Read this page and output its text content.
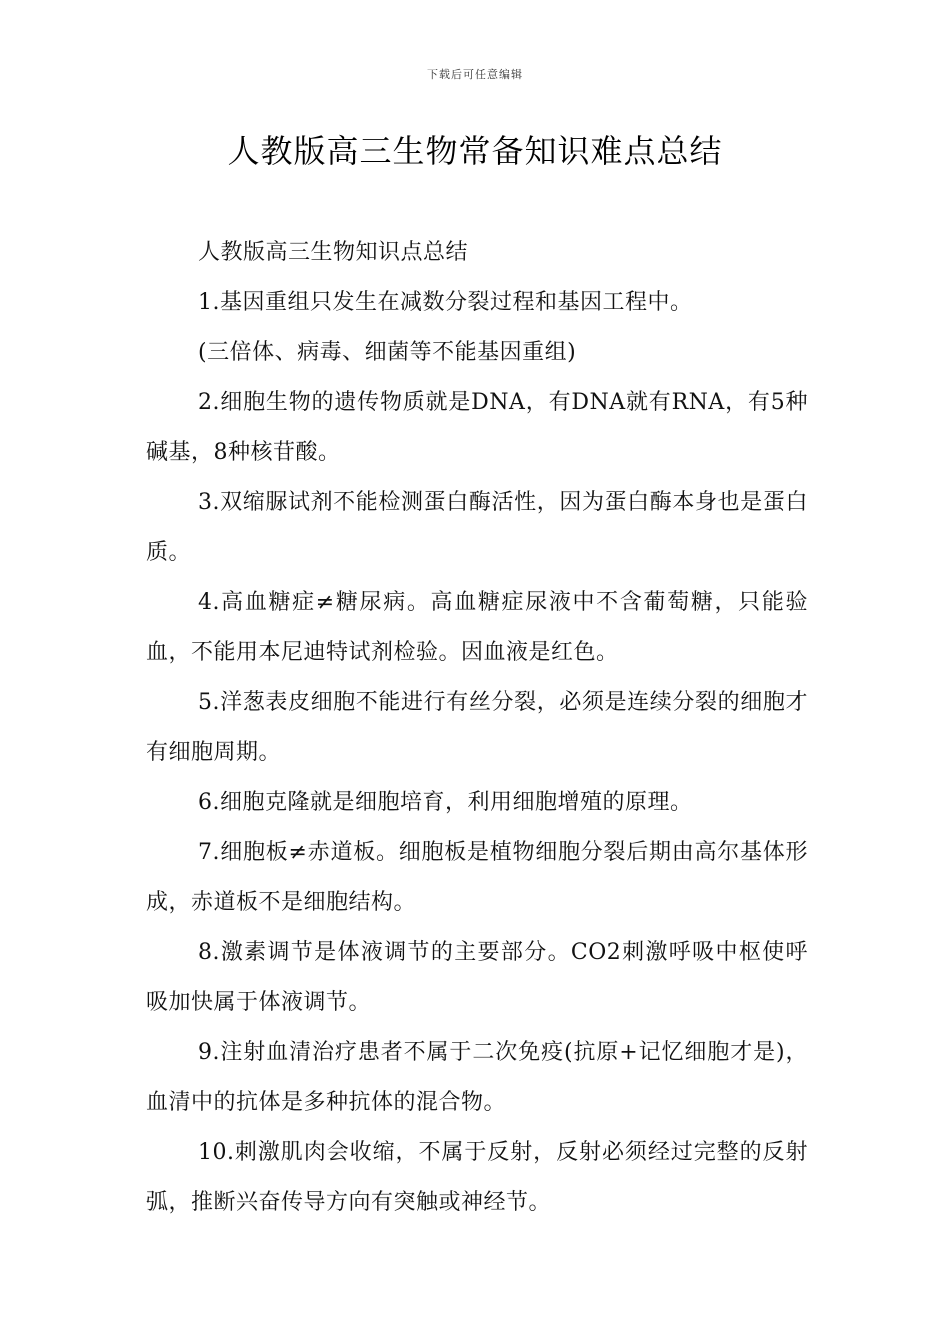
下载后可任意编辑
人教版高三生物常备知识难点总结

人教版高三生物知识点总结

1.基因重组只发生在减数分裂过程和基因工程中。

(三倍体、病毒、细菌等不能基因重组)

2.细胞生物的遗传物质就是DNA，有DNA就有RNA，有5种碱基，8种核苷酸。

3.双缩脲试剂不能检测蛋白酶活性，因为蛋白酶本身也是蛋白质。

4.高血糖症≠糖尿病。高血糖症尿液中不含葡萄糖，只能验血，不能用本尼迪特试剂检验。因血液是红色。

5.洋葱表皮细胞不能进行有丝分裂，必须是连续分裂的细胞才有细胞周期。

6.细胞克隆就是细胞培育，利用细胞增殖的原理。

7.细胞板≠赤道板。细胞板是植物细胞分裂后期由高尔基体形成，赤道板不是细胞结构。

8.激素调节是体液调节的主要部分。CO2刺激呼吸中枢使呼吸加快属于体液调节。

9.注射血清治疗患者不属于二次免疫(抗原+记忆细胞才是)，血清中的抗体是多种抗体的混合物。

10.刺激肌肉会收缩，不属于反射，反射必须经过完整的反射弧，推断兴奋传导方向有突触或神经节。
